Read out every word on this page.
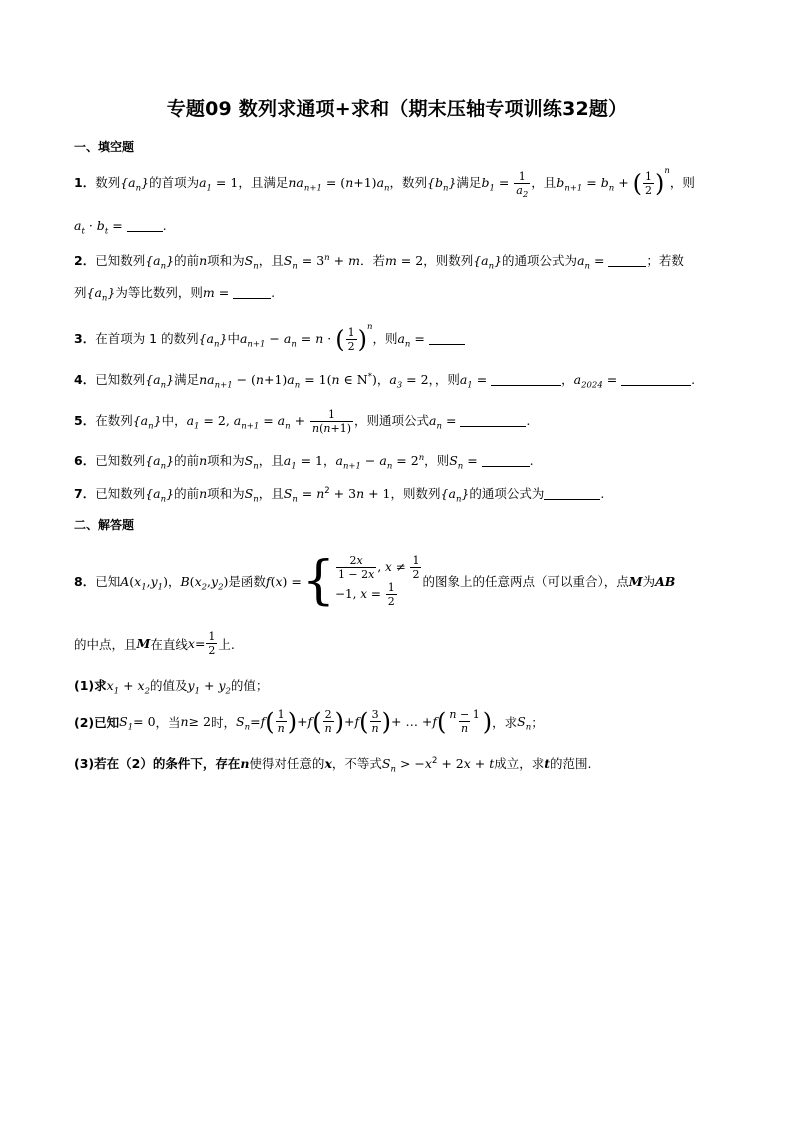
专题09 数列求通项+求和（期末压轴专项训练32题）
一、填空题
1．数列$\{a_n\}$的首项为$a_1 = 1$，且满足$na_{n+1} = (n+1)a_n$，数列$\{b_n\}$满足$b_1 = \frac{1}{a_2}$ ，且$b_{n+1} = b_n$ + ( $\frac{1}{2} )^n$，则
$a_t \cdot b_t$ =	.
2．已知数列$\{a_n\}$的前n项和为$S_n$，且$S_n = 3^n + m$．若m = 2，则数列$\{a_n\}$的通项公式为$a_n$ =	；若数
列$\{a_n\}$为等比数列，则m =	.
3．在首项为 1 的数列$\{a_n\}$中$a_{n+1} - a_n = n$ · ( $\frac{1}{2} )^n$，则$a_n$ =
4．已知数列$\{a_n\}$满足$na_{n+1} - (n+1)a_n = 1(n$ ∈ N*)，$a_3 = 2$，，则$a_1$ =	，$a_{2024}$ =	.
5．在数列$\{a_n\}$中，$a_1 = 2$, $a_{n+1} = a_n + \frac{1}{n(n+1)}$ ，则通项公式$a_n$ =	.
6．已知数列$\{a_n\}$的前n项和为$S_n$，且$a_1 = 1$，$a_{n+1} - a_n = 2^n$，则$S_n$ =	.
7．已知数列$\{a_n\}$的前n项和为$S_n$，且$S_n = n^2 + 3n + 1$，则数列$\{a_n\}$的通项公式为	.
二、解答题
8． 已知 A ( $x_1$ , $y_1$ )， B ( $x_2$ , $y_2$ ) 是函数 f ( x ) = { $\frac{2x}{1 - 2x}$ , $x \ne \frac{1}{2}$
−1, $x = \frac{1}{2}$ 的图象上的任意两点（可以重合），点 M 为 AB
的中点，且 M 在直线 $x = \frac{1}{2}$ 上.
(1)求$x_1 + x_2$的值及$y_1 + y_2$的值；
(2)已知 $S_1 = 0$ ，当 n ≥ 2 时， $S_n = f$ ( $\frac{1}{n}$ ) + f ( $\frac{2}{n}$ ) + f ( $\frac{3}{n}$ ) + … + f ( $\frac{n - 1}{n}$ ) ，求 $S_n$ ；
(3)若在（2）的条件下，存在n使得对任意的x，不等式$S_n > -x^2 + 2x + t$成立，求t的范围.
